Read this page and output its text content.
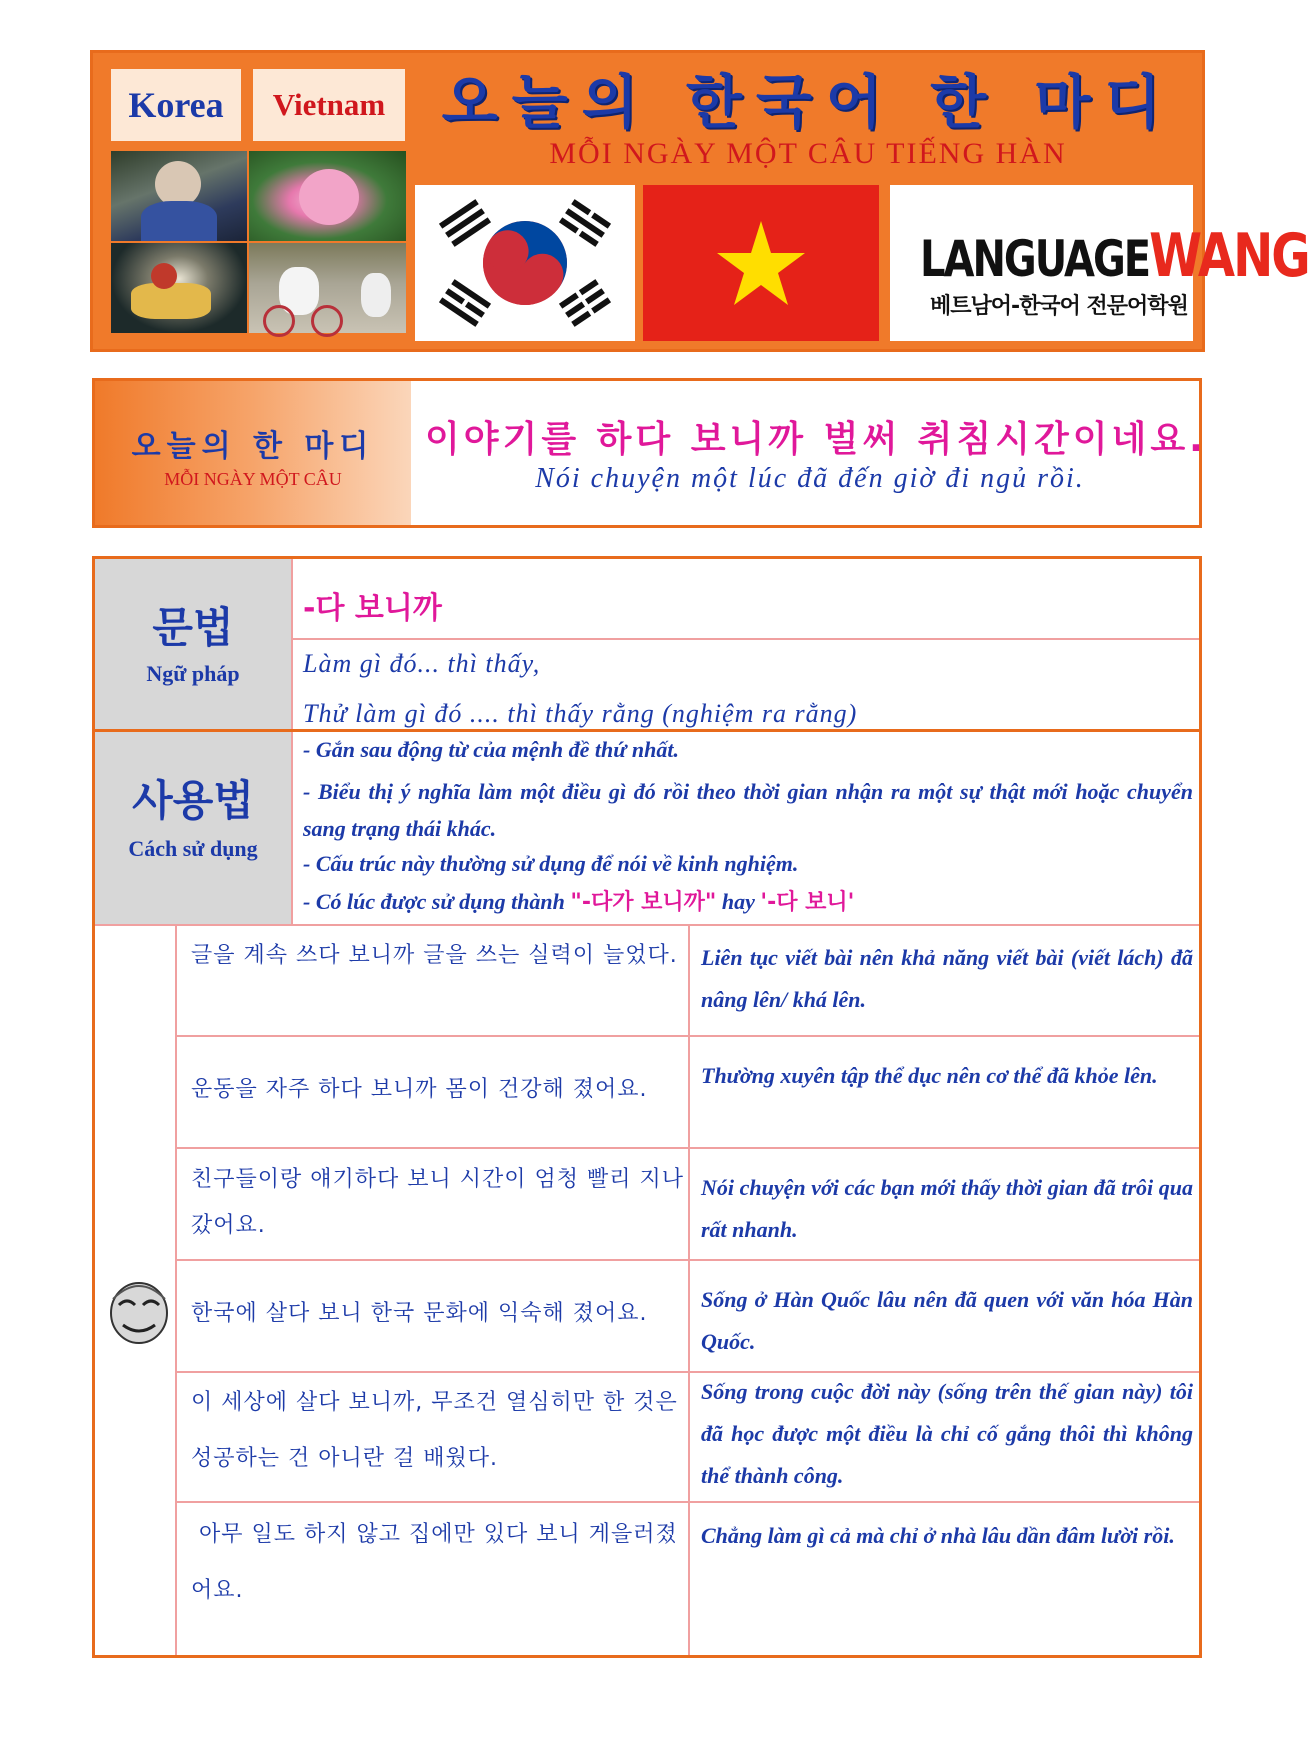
Korea	Vietnam 오늘의 한국어 한 마디
MỖI NGÀY MỘT CÂU TIẾNG HÀN
LANGUAGEWANG
베트남어-한국어 전문어학원
오늘의 한 마디
MỖI NGÀY MỘT CÂU
이야기를 하다 보니까 벌써 취침시간이네요.
Nói chuyện một lúc đã đến giờ đi ngủ rồi.
문법
Ngữ pháp
-다 보니까
Làm gì đó... thì thấy,
Thử làm gì đó .... thì thấy rằng (nghiệm ra rằng)
사용법
Cách sử dụng
- Gắn sau động từ của mệnh đề thứ nhất.
- Biểu thị ý nghĩa làm một điều gì đó rồi theo thời gian nhận ra một sự thật mới hoặc chuyển sang trạng thái khác.
- Cấu trúc này thường sử dụng để nói về kinh nghiệm.
- Có lúc được sử dụng thành "-다가 보니까" hay '-다 보니'
글을 계속 쓰다 보니까 글을 쓰는 실력이 늘었다.	Liên tục viết bài nên khả năng viết bài (viết lách) đã nâng lên/ khá lên.
운동을 자주 하다 보니까 몸이 건강해 졌어요.
Thường xuyên tập thể dục nên cơ thể đã khỏe lên.
친구들이랑 얘기하다 보니 시간이 엄청 빨리 지나갔어요.
Nói chuyện với các bạn mới thấy thời gian đã trôi qua rất nhanh.
한국에 살다 보니 한국 문화에 익숙해 졌어요.
Sống ở Hàn Quốc lâu nên đã quen với văn hóa Hàn Quốc.
이 세상에 살다 보니까, 무조건 열심히만 한 것은 성공하는 건 아니란 걸 배웠다.
Sống trong cuộc đời này (sống trên thế gian này) tôi đã học được một điều là chỉ cố gắng thôi thì không thể thành công.
아무 일도 하지 않고 집에만 있다 보니 게을러졌어요.
Chẳng làm gì cả mà chỉ ở nhà lâu dần đâm lười rồi.
